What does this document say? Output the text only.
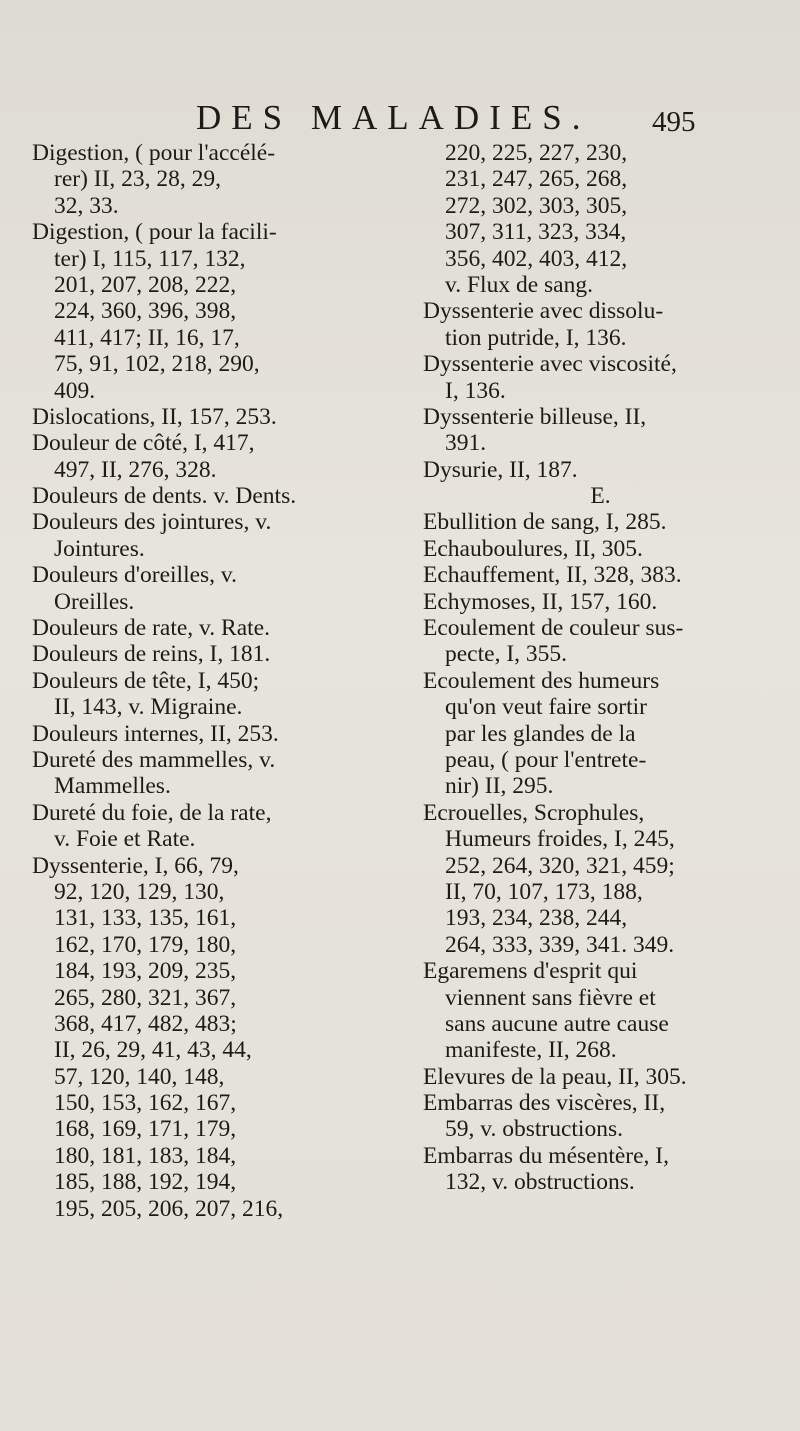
DES MALADIES. 495
Digestion, ( pour l'accélé-
rer) II, 23, 28, 29,
32, 33.
Digestion, ( pour la facili-
ter) I, 115, 117, 132,
201, 207, 208, 222,
224, 360, 396, 398,
411, 417; II, 16, 17,
75, 91, 102, 218, 290,
409.
Dislocations, II, 157, 253.
Douleur de côté, I, 417,
497, II, 276, 328.
Douleurs de dents. v. Dents.
Douleurs des jointures, v.
Jointures.
Douleurs d'oreilles, v.
Oreilles.
Douleurs de rate, v. Rate.
Douleurs de reins, I, 181.
Douleurs de tête, I, 450;
II, 143, v. Migraine.
Douleurs internes, II, 253.
Dureté des mammelles, v.
Mammelles.
Dureté du foie, de la rate,
v. Foie et Rate.
Dyssenterie, I, 66, 79,
92, 120, 129, 130,
131, 133, 135, 161,
162, 170, 179, 180,
184, 193, 209, 235,
265, 280, 321, 367,
368, 417, 482, 483;
II, 26, 29, 41, 43, 44,
57, 120, 140, 148,
150, 153, 162, 167,
168, 169, 171, 179,
180, 181, 183, 184,
185, 188, 192, 194,
195, 205, 206, 207, 216,
220, 225, 227, 230,
231, 247, 265, 268,
272, 302, 303, 305,
307, 311, 323, 334,
356, 402, 403, 412,
v. Flux de sang.
Dyssenterie avec dissolu-
tion putride, I, 136.
Dyssenterie avec viscosité,
I, 136.
Dyssenterie billeuse, II,
391.
Dysurie, II, 187.
E.
Ebullition de sang, I, 285.
Echauboulures, II, 305.
Echauffement, II, 328, 383.
Echymoses, II, 157, 160.
Ecoulement de couleur sus-
pecte, I, 355.
Ecoulement des humeurs
qu'on veut faire sortir
par les glandes de la
peau, ( pour l'entrete-
nir) II, 295.
Ecrouelles, Scrophules,
Humeurs froides, I, 245,
252, 264, 320, 321, 459;
II, 70, 107, 173, 188,
193, 234, 238, 244,
264, 333, 339, 341. 349.
Egaremens d'esprit qui
viennent sans fièvre et
sans aucune autre cause
manifeste, II, 268.
Elevures de la peau, II, 305.
Embarras des viscères, II,
59, v. obstructions.
Embarras du mésentère, I,
132, v. obstructions.
